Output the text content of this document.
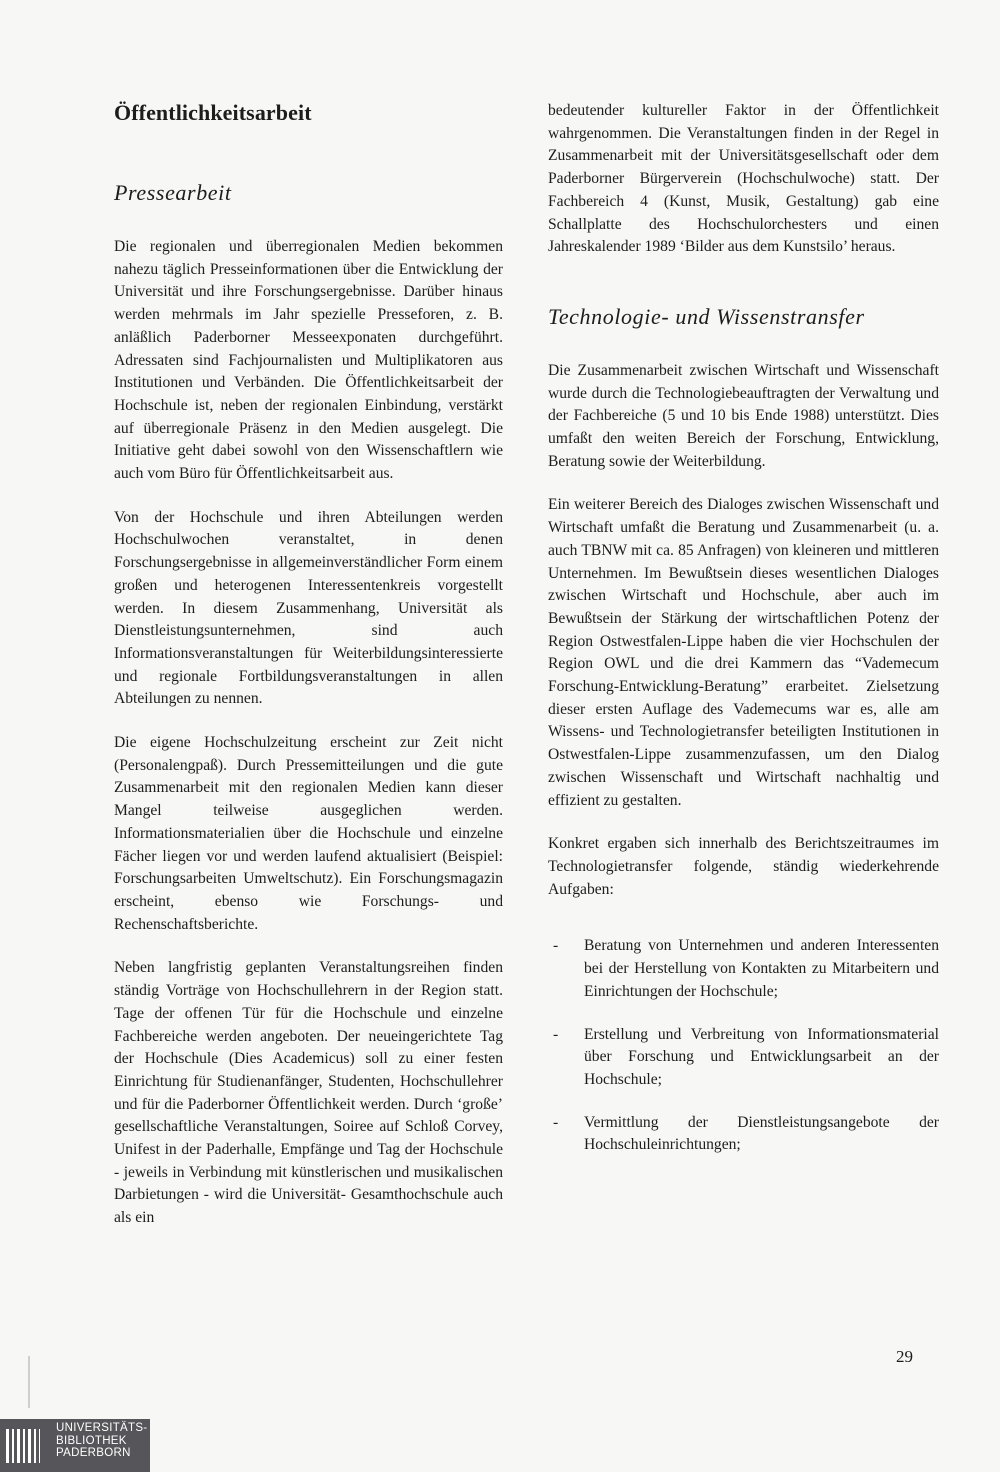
Öffentlichkeitsarbeit
Pressearbeit

Die regionalen und überregionalen Medien bekommen nahezu täglich Presseinformationen über die Entwicklung der Universität und ihre Forschungsergebnisse. Darüber hinaus werden mehrmals im Jahr spezielle Presseforen, z. B. anläßlich Paderborner Messeexponaten durchgeführt. Adressaten sind Fachjournalisten und Multiplikatoren aus Institutionen und Verbänden. Die Öffentlichkeitsarbeit der Hochschule ist, neben der regionalen Einbindung, verstärkt auf überregionale Präsenz in den Medien ausgelegt. Die Initiative geht dabei sowohl von den Wissenschaftlern wie auch vom Büro für Öffentlichkeitsarbeit aus.

Von der Hochschule und ihren Abteilungen werden Hochschulwochen veranstaltet, in denen Forschungsergebnisse in allgemeinverständlicher Form einem großen und heterogenen Interessentenkreis vorgestellt werden. In diesem Zusammenhang, Universität als Dienstleistungsunternehmen, sind auch Informationsveranstaltungen für Weiterbildungsinteressierte und regionale Fortbildungsveranstaltungen in allen Abteilungen zu nennen.

Die eigene Hochschulzeitung erscheint zur Zeit nicht (Personalengpaß). Durch Pressemitteilungen und die gute Zusammenarbeit mit den regionalen Medien kann dieser Mangel teilweise ausgeglichen werden. Informationsmaterialien über die Hochschule und einzelne Fächer liegen vor und werden laufend aktualisiert (Beispiel: Forschungsarbeiten Umweltschutz). Ein Forschungsmagazin erscheint, ebenso wie Forschungs- und Rechenschaftsberichte.

Neben langfristig geplanten Veranstaltungsreihen finden ständig Vorträge von Hochschullehrern in der Region statt. Tage der offenen Tür für die Hochschule und einzelne Fachbereiche werden angeboten. Der neueingerichtete Tag der Hochschule (Dies Academicus) soll zu einer festen Einrichtung für Studienanfänger, Studenten, Hochschullehrer und für die Paderborner Öffentlichkeit werden. Durch ‘große’ gesellschaftliche Veranstaltungen, Soiree auf Schloß Corvey, Unifest in der Paderhalle, Empfänge und Tag der Hochschule - jeweils in Verbindung mit künstlerischen und musikalischen Darbietungen - wird die Universität- Gesamthochschule auch als ein

bedeutender kultureller Faktor in der Öffentlichkeit wahrgenommen. Die Veranstaltungen finden in der Regel in Zusammenarbeit mit der Universitätsgesellschaft oder dem Paderborner Bürgerverein (Hochschulwoche) statt. Der Fachbereich 4 (Kunst, Musik, Gestaltung) gab eine Schallplatte des Hochschulorchesters und einen Jahreskalender 1989 ‘Bilder aus dem Kunstsilo’ heraus.

Technologie- und Wissenstransfer

Die Zusammenarbeit zwischen Wirtschaft und Wissenschaft wurde durch die Technologiebeauftragten der Verwaltung und der Fachbereiche (5 und 10 bis Ende 1988) unterstützt. Dies umfaßt den weiten Bereich der Forschung, Entwicklung, Beratung sowie der Weiterbildung.

Ein weiterer Bereich des Dialoges zwischen Wissenschaft und Wirtschaft umfaßt die Beratung und Zusammenarbeit (u. a. auch TBNW mit ca. 85 Anfragen) von kleineren und mittleren Unternehmen. Im Bewußtsein dieses wesentlichen Dialoges zwischen Wirtschaft und Hochschule, aber auch im Bewußtsein der Stärkung der wirtschaftlichen Potenz der Region Ostwestfalen-Lippe haben die vier Hochschulen der Region OWL und die drei Kammern das “Vademecum Forschung-Entwicklung-Beratung” erarbeitet. Zielsetzung dieser ersten Auflage des Vademecums war es, alle am Wissens- und Technologietransfer beteiligten Institutionen in Ostwestfalen-Lippe zusammenzufassen, um den Dialog zwischen Wissenschaft und Wirtschaft nachhaltig und effizient zu gestalten.

Konkret ergaben sich innerhalb des Berichtszeitraumes im Technologietransfer folgende, ständig wiederkehrende Aufgaben:

- Beratung von Unternehmen und anderen Interessenten bei der Herstellung von Kontakten zu Mitarbeitern und Einrichtungen der Hochschule;
- Erstellung und Verbreitung von Informationsmaterial über Forschung und Entwicklungsarbeit an der Hochschule;
- Vermittlung der Dienstleistungsangebote der Hochschuleinrichtungen;
29
UNIVERSITÄTS-
BIBLIOTHEK
PADERBORN
